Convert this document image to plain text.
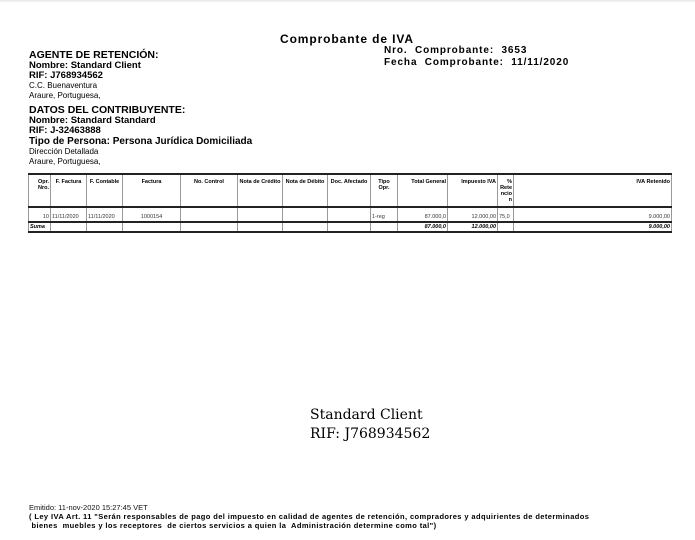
Comprobante de IVA
Nro.  Comprobante: 3653
Fecha  Comprobante: 11/11/2020
AGENTE DE RETENCIÓN:
Nombre: Standard Client
RIF: J768934562
C.C. Buenaventura
Araure, Portuguesa,
DATOS DEL CONTRIBUYENTE:
Nombre: Standard Standard
RIF: J-32463888
Tipo de Persona: Persona Jurídica Domiciliada
Dirección Detallada
Araure, Portuguesa,
Opr. Nro.	F. Factura	F. Contable	Factura	No. Control	Nota de Crédito	Nota de Débito	Doc. Afectado	Tipo Opr.	Total General	Impuesto IVA	% Rete ncio n	IVA Retenido

10	11/11/2020	11/11/2020	1000154					1-reg	87.000,0	12.000,00	75,0	9.000,00
Suma									87.000,0	12.000,00		9.000,00
Standard Client
RIF: J768934562
Emitido: 11-nov-2020 15:27:45 VET
( Ley IVA Art. 11 "Serán responsables de pago del impuesto en calidad de agentes de retención, compradores y adquirientes de determinados
bienes  muebles y los receptores  de ciertos servicios a quien la  Administración determine como tal")
